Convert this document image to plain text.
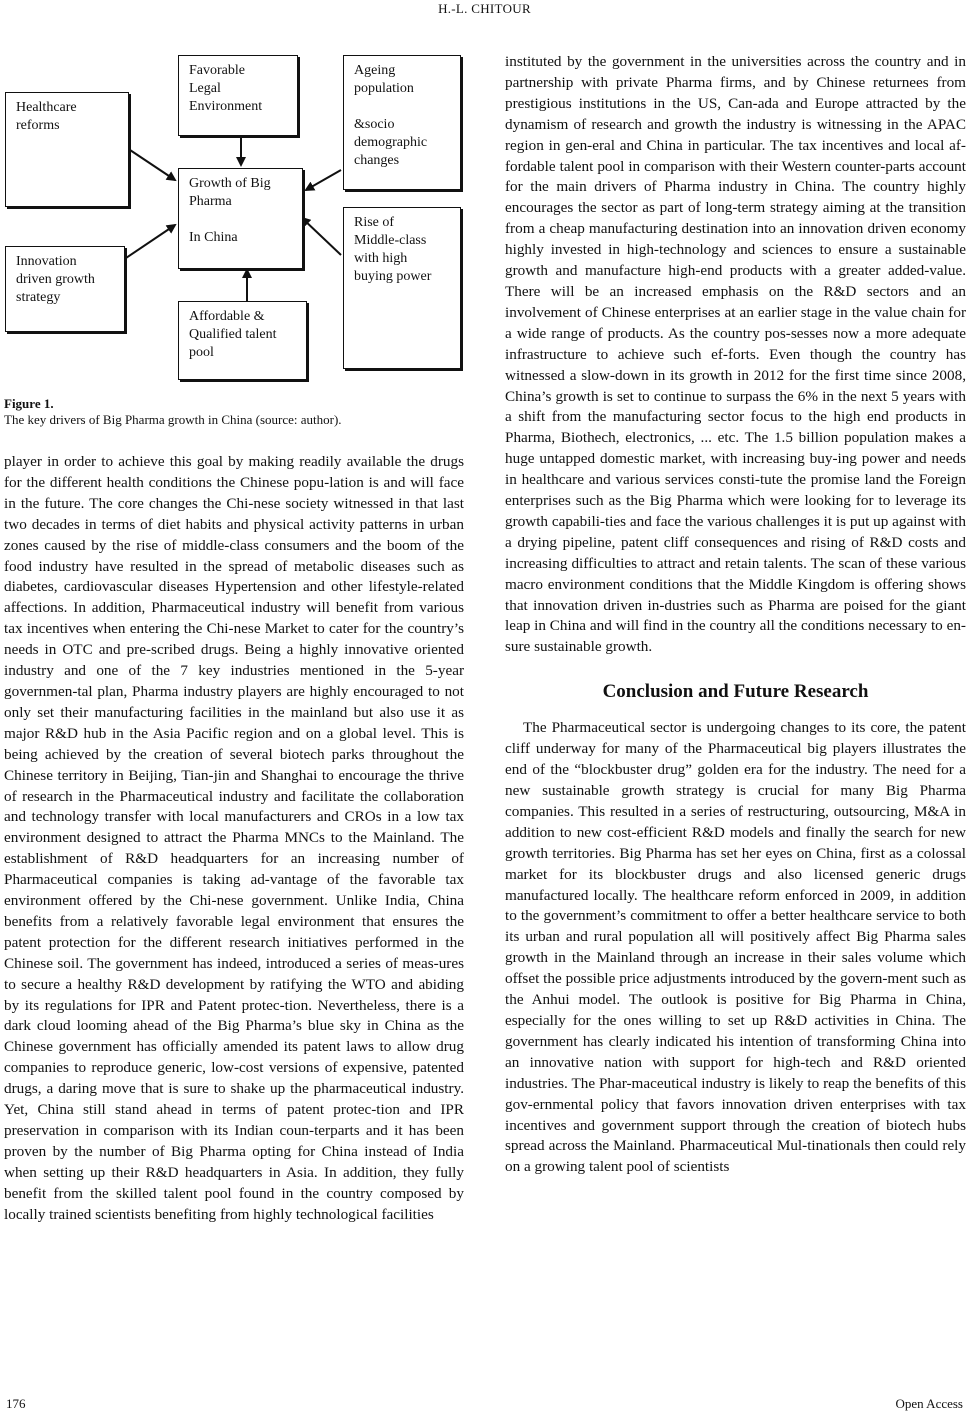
H.-L. CHITOUR
Healthcare
reforms
Favorable
Legal
Environment
Ageing
population

&socio
demographic
changes
Growth of Big
Pharma

In China
Innovation
driven growth
strategy
Rise of
Middle-class
with high
buying power
Affordable &
Qualified talent
pool
Figure 1.
The key drivers of Big Pharma growth in China (source: author).

player in order to achieve this goal by making readily available the drugs for the different health conditions the Chinese popu-lation is and will face in the future. The core changes the Chi-nese society witnessed in that last two decades in terms of diet habits and physical activity patterns in urban zones caused by the rise of middle-class consumers and the boom of the food industry have resulted in the spread of metabolic diseases such as diabetes, cardiovascular diseases Hypertension and other lifestyle-related affections. In addition, Pharmaceutical industry will benefit from various tax incentives when entering the Chi-nese Market to cater for the country’s needs in OTC and pre-scribed drugs. Being a highly innovative oriented industry and one of the 7 key industries mentioned in the 5-year governmen-tal plan, Pharma industry players are highly encouraged to not only set their manufacturing facilities in the mainland but also use it as major R&D hub in the Asia Pacific region and on a global level. This is being achieved by the creation of several biotech parks throughout the Chinese territory in Beijing, Tian-jin and Shanghai to encourage the thrive of research in the Pharmaceutical industry and facilitate the collaboration and technology transfer with local manufacturers and CROs in a low tax environment designed to attract the Pharma MNCs to the Mainland. The establishment of R&D headquarters for an increasing number of Pharmaceutical companies is taking ad-vantage of the favorable tax environment offered by the Chi-nese government. Unlike India, China benefits from a relatively favorable legal environment that ensures the patent protection for the different research initiatives performed in the Chinese soil. The government has indeed, introduced a series of meas-ures to secure a healthy R&D development by ratifying the WTO and abiding by its regulations for IPR and Patent protec-tion. Nevertheless, there is a dark cloud looming ahead of the Big Pharma’s blue sky in China as the Chinese government has officially amended its patent laws to allow drug companies to reproduce generic, low-cost versions of expensive, patented drugs, a daring move that is sure to shake up the pharmaceutical industry. Yet, China still stand ahead in terms of patent protec-tion and IPR preservation in comparison with its Indian coun-terparts and it has been proven by the number of Big Pharma opting for China instead of India when setting up their R&D headquarters in Asia. In addition, they fully benefit from the skilled talent pool found in the country composed by locally trained scientists benefiting from highly technological facilities

instituted by the government in the universities across the country and in partnership with private Pharma firms, and by Chinese returnees from prestigious institutions in the US, Can-ada and Europe attracted by the dynamism of research and growth the industry is witnessing in the APAC region in gen-eral and China in particular. The tax incentives and local af-fordable talent pool in comparison with their Western counter-parts account for the main drivers of Pharma industry in China. The country highly encourages the sector as part of long-term strategy aiming at the transition from a cheap manufacturing destination into an innovation driven economy highly invested in high-technology and sciences to ensure a sustainable growth and manufacture high-end products with a greater added-value. There will be an increased emphasis on the R&D sectors and an involvement of Chinese enterprises at an earlier stage in the value chain for a wide range of products. As the country pos-sesses now a more adequate infrastructure to achieve such ef-forts. Even though the country has witnessed a slow-down in its growth in 2012 for the first time since 2008, China’s growth is set to continue to surpass the 6% in the next 5 years with a shift from the manufacturing sector focus to the high end products in Pharma, Biothech, electronics, ... etc. The 1.5 billion population makes a huge untapped domestic market, with increasing buy-ing power and needs in healthcare and various services consti-tute the promise land the Foreign enterprises such as the Big Pharma which were looking for to leverage its growth capabili-ties and face the various challenges it is put up against with a drying pipeline, patent cliff consequences and rising of R&D costs and increasing difficulties to attract and retain talents. The scan of these various macro environment conditions that the Middle Kingdom is offering shows that innovation driven in-dustries such as Pharma are poised for the giant leap in China and will find in the country all the conditions necessary to en-sure sustainable growth.

Conclusion and Future Research

The Pharmaceutical sector is undergoing changes to its core, the patent cliff underway for many of the Pharmaceutical big players illustrates the end of the “blockbuster drug” golden era for the industry. The need for a new sustainable growth strategy is crucial for many Big Pharma companies. This resulted in a series of restructuring, outsourcing, M&A in addition to new cost-efficient R&D models and finally the search for new growth territories. Big Pharma has set her eyes on China, first as a colossal market for its blockbuster drugs and also licensed generic drugs manufactured locally. The healthcare reform enforced in 2009, in addition to the government’s commitment to offer a better healthcare service to both its urban and rural population all will positively affect Big Pharma sales growth in the Mainland through an increase in their sales volume which offset the possible price adjustments introduced by the govern-ment such as the Anhui model. The outlook is positive for Big Pharma in China, especially for the ones willing to set up R&D activities in China. The government has clearly indicated his intention of transforming China into an innovative nation with support for high-tech and R&D oriented industries. The Phar-maceutical industry is likely to reap the benefits of this gov-ernmental policy that favors innovation driven enterprises with tax incentives and government support through the creation of biotech hubs spread across the Mainland. Pharmaceutical Mul-tinationals then could rely on a growing talent pool of scientists

176	Open Access
